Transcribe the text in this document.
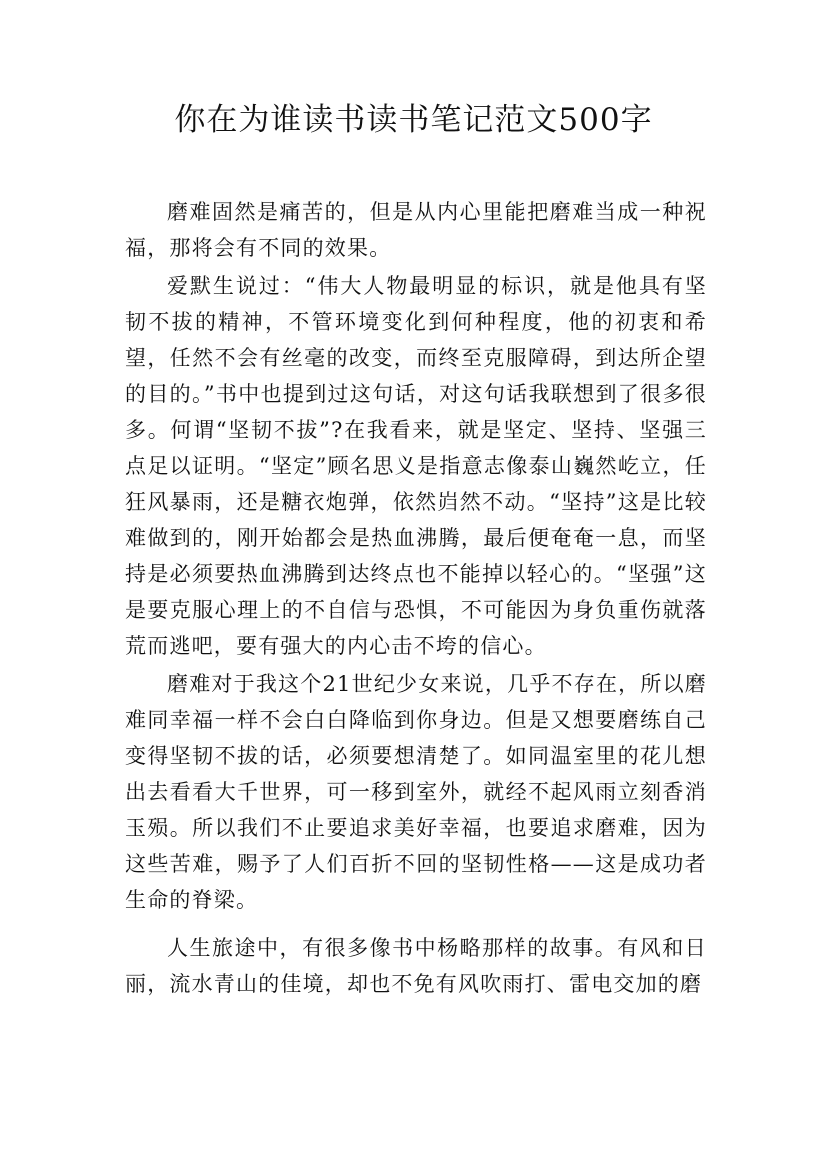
你在为谁读书读书笔记范文500字

磨难固然是痛苦的，但是从内心里能把磨难当成一种祝福，那将会有不同的效果。

爱默生说过：“伟大人物最明显的标识，就是他具有坚韧不拔的精神，不管环境变化到何种程度，他的初衷和希望，任然不会有丝毫的改变，而终至克服障碍，到达所企望的目的。”书中也提到过这句话，对这句话我联想到了很多很多。何谓“坚韧不拔”?在我看来，就是坚定、坚持、坚强三点足以证明。“坚定”顾名思义是指意志像泰山巍然屹立，任狂风暴雨，还是糖衣炮弹，依然岿然不动。“坚持”这是比较难做到的，刚开始都会是热血沸腾，最后便奄奄一息，而坚持是必须要热血沸腾到达终点也不能掉以轻心的。“坚强”这是要克服心理上的不自信与恐惧，不可能因为身负重伤就落荒而逃吧，要有强大的内心击不垮的信心。

磨难对于我这个21世纪少女来说，几乎不存在，所以磨难同幸福一样不会白白降临到你身边。但是又想要磨练自己变得坚韧不拔的话，必须要想清楚了。如同温室里的花儿想出去看看大千世界，可一移到室外，就经不起风雨立刻香消玉殒。所以我们不止要追求美好幸福，也要追求磨难，因为这些苦难，赐予了人们百折不回的坚韧性格——这是成功者生命的脊梁。

人生旅途中，有很多像书中杨略那样的故事。有风和日丽，流水青山的佳境，却也不免有风吹雨打、雷电交加的磨
